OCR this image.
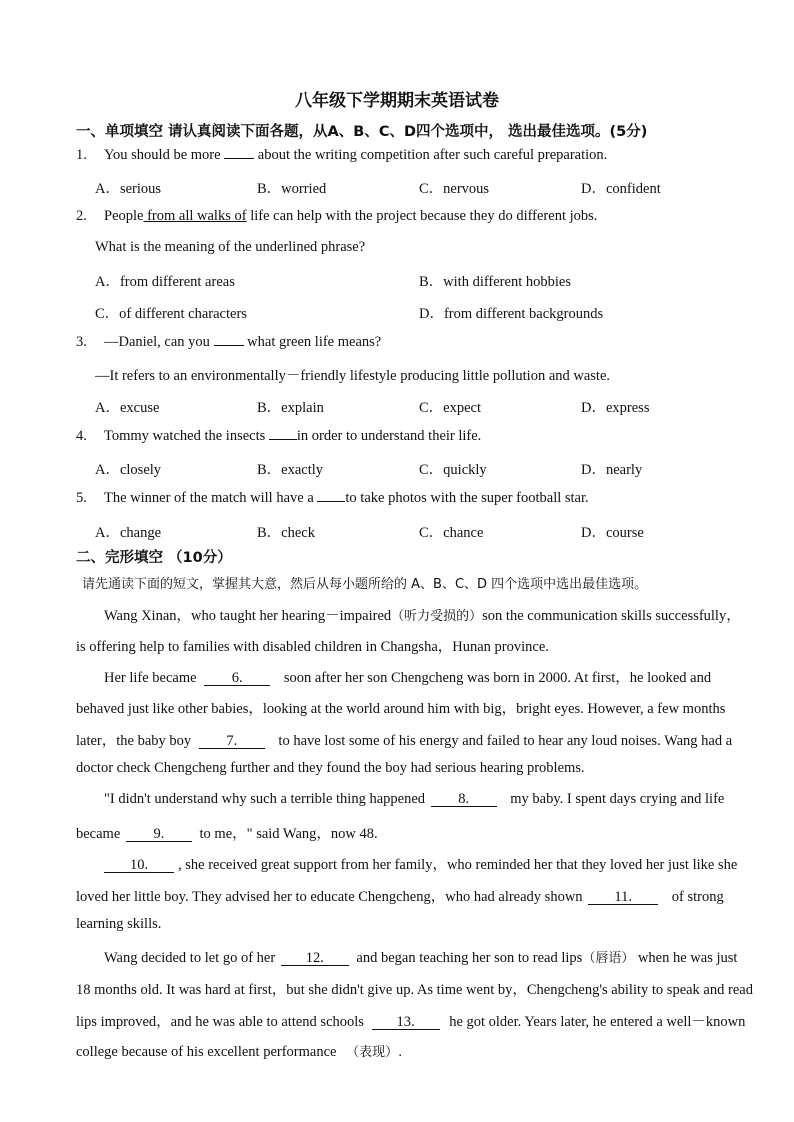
八年级下学期期末英语试卷
一、单项填空 请认真阅读下面各题，从A、B、C、D四个选项中， 选出最佳选项。(5分)
1. You should be more	about the writing competition after such careful preparation.
A．serious	B．worried	C．nervous	D．confident
2. People from all walks of life can help with the project because they do different jobs.
What is the meaning of the underlined phrase?
A．from different areas	B．with different hobbies
C．of different characters	D．from different backgrounds
3. —Daniel, can you	what green life means?
—It refers to an environmentally－friendly lifestyle producing little pollution and waste.
A．excuse	B．explain	C．expect	D．express
4. Tommy watched the insects in order to understand their life.
A．closely	B．exactly	C．quickly	D．nearly
5. The winner of the match will have a to take photos with the super football star.
A．change	B．check	C．chance	D．course
二、完形填空 （10分）
请先通读下面的短文，掌握其大意，然后从每小题所给的 A、B、C、D 四个选项中选出最佳选项。
Wang Xinan，who taught her hearing－impaired（听力受损的）son the communication skills successfully，
is offering help to families with disabled children in Changsha，Hunan province.
Her life became 6.	soon after her son Chengcheng was born in 2000. At first，he looked and
behaved just like other babies，looking at the world around him with big，bright eyes. However, a few months
later，the baby boy 7.	to have lost some of his energy and failed to hear any loud noises. Wang had a
doctor check Chengcheng further and they found the boy had serious hearing problems.
"I didn't understand why such a terrible thing happened 8.	my baby. I spent days crying and life
became 9. to me，" said Wang，now 48.
10. , she received great support from her family，who reminded her that they loved her just like she
loved her little boy. They advised her to educate Chengcheng，who had already shown 11.	of strong
learning skills.
Wang decided to let go of her 12. and began teaching her son to read lips（唇语） when he was just
18 months old. It was hard at first，but she didn't give up. As time went by，Chengcheng's ability to speak and read
lips improved，and he was able to attend schools 13. he got older. Years later, he entered a well－known
college because of his excellent performance （表现）.
